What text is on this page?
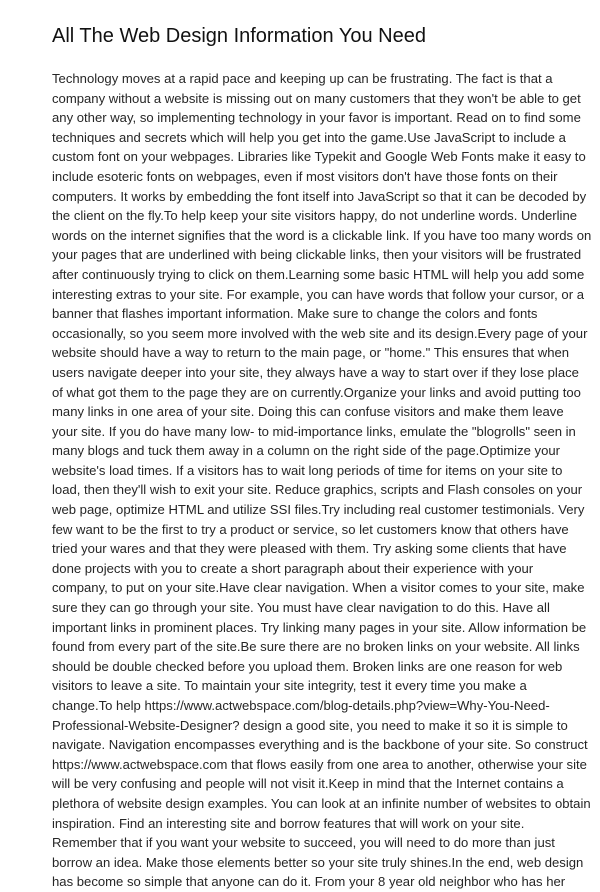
All The Web Design Information You Need
Technology moves at a rapid pace and keeping up can be frustrating. The fact is that a
company without a website is missing out on many customers that they won't be able to get
any other way, so implementing technology in your favor is important. Read on to find some
techniques and secrets which will help you get into the game.Use JavaScript to include a
custom font on your webpages. Libraries like Typekit and Google Web Fonts make it easy to
include esoteric fonts on webpages, even if most visitors don't have those fonts on their
computers. It works by embedding the font itself into JavaScript so that it can be decoded by
the client on the fly.To help keep your site visitors happy, do not underline words. Underline
words on the internet signifies that the word is a clickable link. If you have too many words on
your pages that are underlined with being clickable links, then your visitors will be frustrated
after continuously trying to click on them.Learning some basic HTML will help you add some
interesting extras to your site. For example, you can have words that follow your cursor, or a
banner that flashes important information. Make sure to change the colors and fonts
occasionally, so you seem more involved with the web site and its design.Every page of your
website should have a way to return to the main page, or "home." This ensures that when
users navigate deeper into your site, they always have a way to start over if they lose place
of what got them to the page they are on currently.Organize your links and avoid putting too
many links in one area of your site. Doing this can confuse visitors and make them leave
your site. If you do have many low- to mid-importance links, emulate the "blogrolls" seen in
many blogs and tuck them away in a column on the right side of the page.Optimize your
website's load times. If a visitors has to wait long periods of time for items on your site to
load, then they'll wish to exit your site. Reduce graphics, scripts and Flash consoles on your
web page, optimize HTML and utilize SSI files.Try including real customer testimonials. Very
few want to be the first to try a product or service, so let customers know that others have
tried your wares and that they were pleased with them. Try asking some clients that have
done projects with you to create a short paragraph about their experience with your
company, to put on your site.Have clear navigation. When a visitor comes to your site, make
sure they can go through your site. You must have clear navigation to do this. Have all
important links in prominent places. Try linking many pages in your site. Allow information be
found from every part of the site.Be sure there are no broken links on your website. All links
should be double checked before you upload them. Broken links are one reason for web
visitors to leave a site. To maintain your site integrity, test it every time you make a
change.To help https://www.actwebspace.com/blog-details.php?view=Why-You-Need-
Professional-Website-Designer? design a good site, you need to make it so it is simple to
navigate. Navigation encompasses everything and is the backbone of your site. So construct
https://www.actwebspace.com that flows easily from one area to another, otherwise your site
will be very confusing and people will not visit it.Keep in mind that the Internet contains a
plethora of website design examples. You can look at an infinite number of websites to obtain
inspiration. Find an interesting site and borrow features that will work on your site.
Remember that if you want your website to succeed, you will need to do more than just
borrow an idea. Make those elements better so your site truly shines.In the end, web design
has become so simple that anyone can do it. From your 8 year old neighbor who has her
